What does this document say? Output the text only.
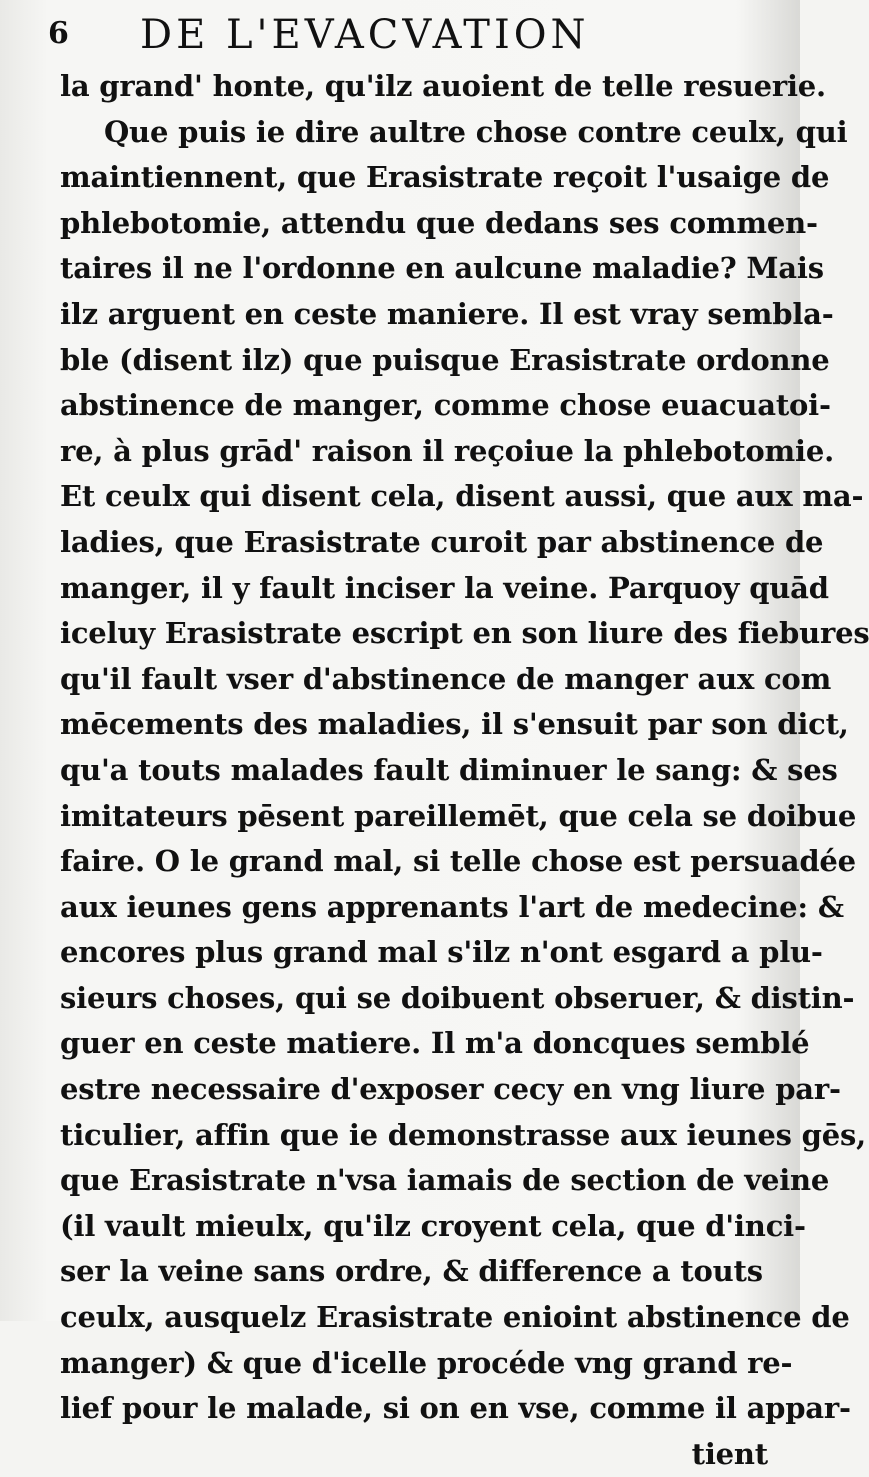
6 DE L'EVACVATION
la grand' honte, qu'ilz auoient de telle resuerie.
Que puis ie dire aultre chose contre ceulx, qui
maintiennent, que Erasistrate reçoit l'usaige de
phlebotomie, attendu que dedans ses commen-
taires il ne l'ordonne en aulcune maladie? Mais
ilz arguent en ceste maniere. Il est vray sembla-
ble (disent ilz) que puisque Erasistrate ordonne
abstinence de manger, comme chose euacuatoi-
re, à plus grād' raison il reçoiue la phlebotomie.
Et ceulx qui disent cela, disent aussi, que aux ma-
ladies, que Erasistrate curoit par abstinence de
manger, il y fault inciser la veine. Parquoy quād
iceluy Erasistrate escript en son liure des fiebures
qu'il fault vser d'abstinence de manger aux com
mēcements des maladies, il s'ensuit par son dict,
qu'a touts malades fault diminuer le sang: & ses
imitateurs pēsent pareillemēt, que cela se doibue
faire. O le grand mal, si telle chose est persuadée
aux ieunes gens apprenants l'art de medecine: &
encores plus grand mal s'ilz n'ont esgard a plu-
sieurs choses, qui se doibuent obseruer, & distin-
guer en ceste matiere. Il m'a doncques semblé
estre necessaire d'exposer cecy en vng liure par-
ticulier, affin que ie demonstrasse aux ieunes gēs,
que Erasistrate n'vsa iamais de section de veine
(il vault mieulx, qu'ilz croyent cela, que d'inci-
ser la veine sans ordre, & difference a touts
ceulx, ausquelz Erasistrate enioint abstinence de
manger) & que d'icelle procéde vng grand re-
lief pour le malade, si on en vse, comme il appar-
tient
